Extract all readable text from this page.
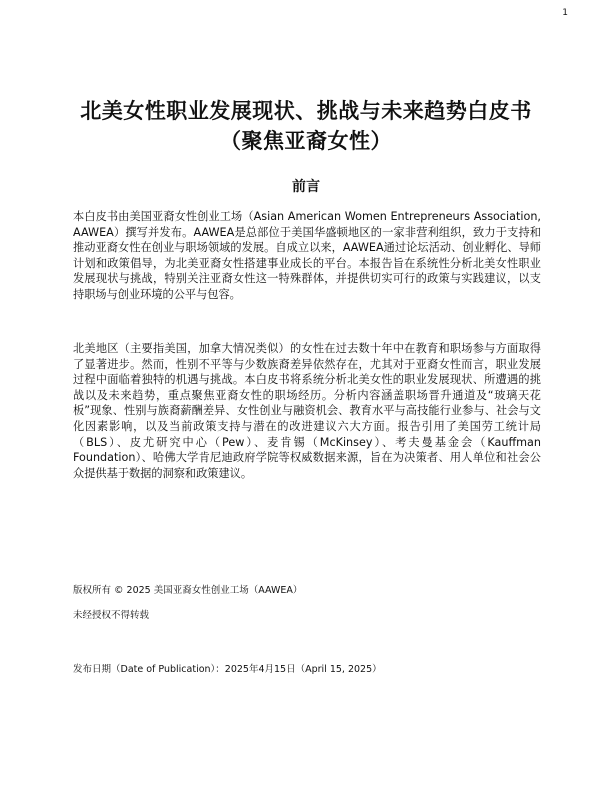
1
北美女性职业发展现状、挑战与未来趋势白皮书（聚焦亚裔女性）
前言
本白皮书由美国亚裔女性创业工场（Asian American Women Entrepreneurs Association, AAWEA）撰写并发布。AAWEA是总部位于美国华盛顿地区的一家非营利组织，致力于支持和推动亚裔女性在创业与职场领域的发展。自成立以来，AAWEA通过论坛活动、创业孵化、导师计划和政策倡导，为北美亚裔女性搭建事业成长的平台。本报告旨在系统性分析北美女性职业发展现状与挑战，特别关注亚裔女性这一特殊群体，并提供切实可行的政策与实践建议，以支持职场与创业环境的公平与包容。
北美地区（主要指美国，加拿大情况类似）的女性在过去数十年中在教育和职场参与方面取得了显著进步。然而，性别不平等与少数族裔差异依然存在，尤其对于亚裔女性而言，职业发展过程中面临着独特的机遇与挑战。本白皮书将系统分析北美女性的职业发展现状、所遭遇的挑战以及未来趋势，重点聚焦亚裔女性的职场经历。分析内容涵盖职场晋升通道及“玻璃天花板”现象、性别与族裔薪酬差异、女性创业与融资机会、教育水平与高技能行业参与、社会与文化因素影响，以及当前政策支持与潜在的改进建议六大方面。报告引用了美国劳工统计局（BLS）、皮尤研究中心（Pew）、麦肯锡（McKinsey）、考夫曼基金会（Kauffman Foundation）、哈佛大学肯尼迪政府学院等权威数据来源，旨在为决策者、用人单位和社会公众提供基于数据的洞察和政策建议。
版权所有 © 2025 美国亚裔女性创业工场（AAWEA）
未经授权不得转载
发布日期（Date of Publication）：2025年4月15日（April 15, 2025）
